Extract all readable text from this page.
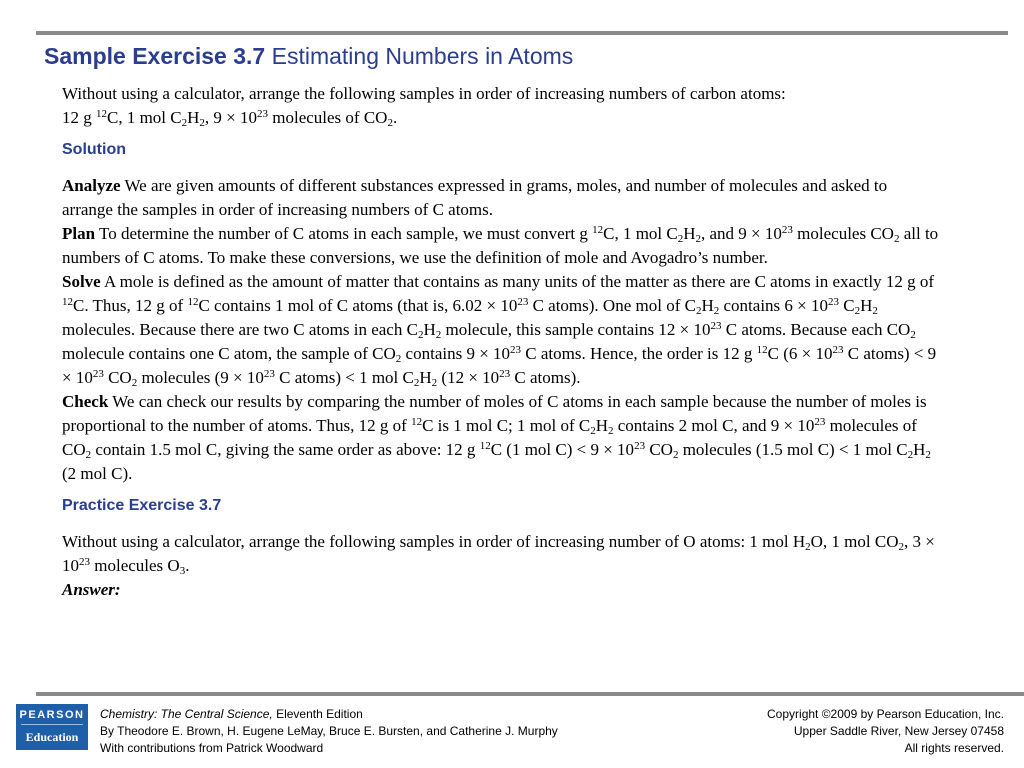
Sample Exercise 3.7 Estimating Numbers in Atoms

Without using a calculator, arrange the following samples in order of increasing numbers of carbon atoms:
12 g $^{12}$C, 1 mol $C_2H_2$, $9 \times 10^{23}$ molecules of $CO_2$.

Solution

Analyze We are given amounts of different substances expressed in grams, moles, and number of molecules and asked to arrange the samples in order of increasing numbers of C atoms.

Plan To determine the number of C atoms in each sample, we must convert g $^{12}$C, 1 mol $C_2H_2$, and $9 \times 10^{23}$ molecules $CO_2$ all to numbers of C atoms. To make these conversions, we use the definition of mole and Avogadro’s number.

Solve A mole is defined as the amount of matter that contains as many units of the matter as there are C atoms in exactly 12 g of $^{12}$C. Thus, 12 g of $^{12}$C contains 1 mol of C atoms (that is, $6.02 \times 10^{23}$ C atoms). One mol of $C_2H_2$ contains $6 \times 10^{23}$ $C_2H_2$ molecules. Because there are two C atoms in each $C_2H_2$ molecule, this sample contains $12 \times 10^{23}$ C atoms. Because each $CO_2$ molecule contains one C atom, the sample of $CO_2$ contains $9 \times 10^{23}$ C atoms. Hence, the order is 12 g $^{12}$C ($6 \times 10^{23}$ C atoms) < $9 \times 10^{23}$ $CO_2$ molecules ($9 \times 10^{23}$ C atoms) < 1 mol $C_2H_2$ ($12 \times 10^{23}$ C atoms).

Check We can check our results by comparing the number of moles of C atoms in each sample because the number of moles is proportional to the number of atoms. Thus, 12 g of $^{12}$C is 1 mol C; 1 mol of $C_2H_2$ contains 2 mol C, and $9 \times 10^{23}$ molecules of $CO_2$ contain 1.5 mol C, giving the same order as above: 12 g $^{12}$C (1 mol $C) < 9 \times 10^{23}$ $CO_2$ molecules (1.5 mol C) < 1 mol $C_2H_2$ (2 mol C).

Practice Exercise 3.7

Without using a calculator, arrange the following samples in order of increasing number of O atoms: 1 mol $H_2O$, 1 mol $CO_2$, $3 \times 10^{23}$ molecules $O_3$.

Answer:

PEARSON
Education
Chemistry: The Central Science, Eleventh Edition
By Theodore E. Brown, H. Eugene LeMay, Bruce E. Bursten, and Catherine J. Murphy
With contributions from Patrick Woodward
Copyright ©2009 by Pearson Education, Inc.
Upper Saddle River, New Jersey 07458
All rights reserved.
